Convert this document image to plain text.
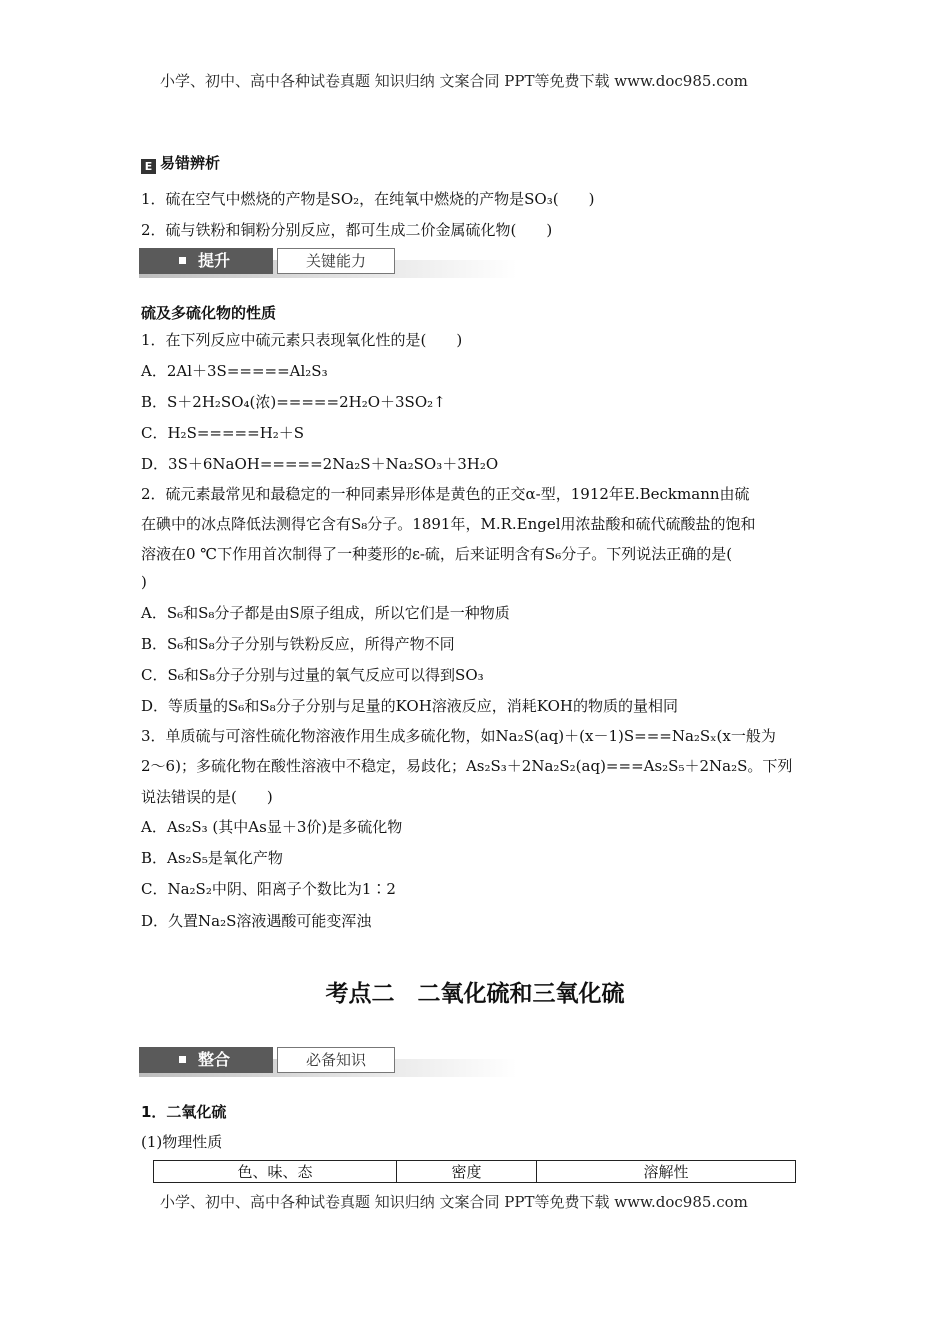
小学、初中、高中各种试卷真题 知识归纳 文案合同 PPT等免费下载 www.doc985.com
E 易错辨析
1．硫在空气中燃烧的产物是SO₂，在纯氧中燃烧的产物是SO₃(　　)
2．硫与铁粉和铜粉分别反应，都可生成二价金属硫化物(　　)
提升	关键能力
硫及多硫化物的性质
1．在下列反应中硫元素只表现氧化性的是(　　)
A．2Al＋3S=====Al₂S₃
B．S＋2H₂SO₄(浓)=====2H₂O＋3SO₂↑
C．H₂S=====H₂＋S
D．3S＋6NaOH=====2Na₂S＋Na₂SO₃＋3H₂O
2．硫元素最常见和最稳定的一种同素异形体是黄色的正交α-型，1912年E.Beckmann由硫
在碘中的冰点降低法测得它含有S₈分子。1891年，M.R.Engel用浓盐酸和硫代硫酸盐的饱和
溶液在0 ℃下作用首次制得了一种菱形的ε-硫，后来证明含有S₆分子。下列说法正确的是(
)
A．S₆和S₈分子都是由S原子组成，所以它们是一种物质
B．S₆和S₈分子分别与铁粉反应，所得产物不同
C．S₆和S₈分子分别与过量的氧气反应可以得到SO₃
D．等质量的S₆和S₈分子分别与足量的KOH溶液反应，消耗KOH的物质的量相同
3．单质硫与可溶性硫化物溶液作用生成多硫化物，如Na₂S(aq)＋(x－1)S===Na₂Sₓ(x一般为
2～6)；多硫化物在酸性溶液中不稳定，易歧化；As₂S₃＋2Na₂S₂(aq)===As₂S₅＋2Na₂S。下列
说法错误的是(　　)
A．As₂S₃ (其中As显＋3价)是多硫化物
B．As₂S₅是氧化产物
C．Na₂S₂中阴、阳离子个数比为1∶2
D．久置Na₂S溶液遇酸可能变浑浊
考点二　二氧化硫和三氧化硫
整合	必备知识
1．二氧化硫
(1)物理性质
色、味、态	密度	溶解性
小学、初中、高中各种试卷真题 知识归纳 文案合同 PPT等免费下载 www.doc985.com
